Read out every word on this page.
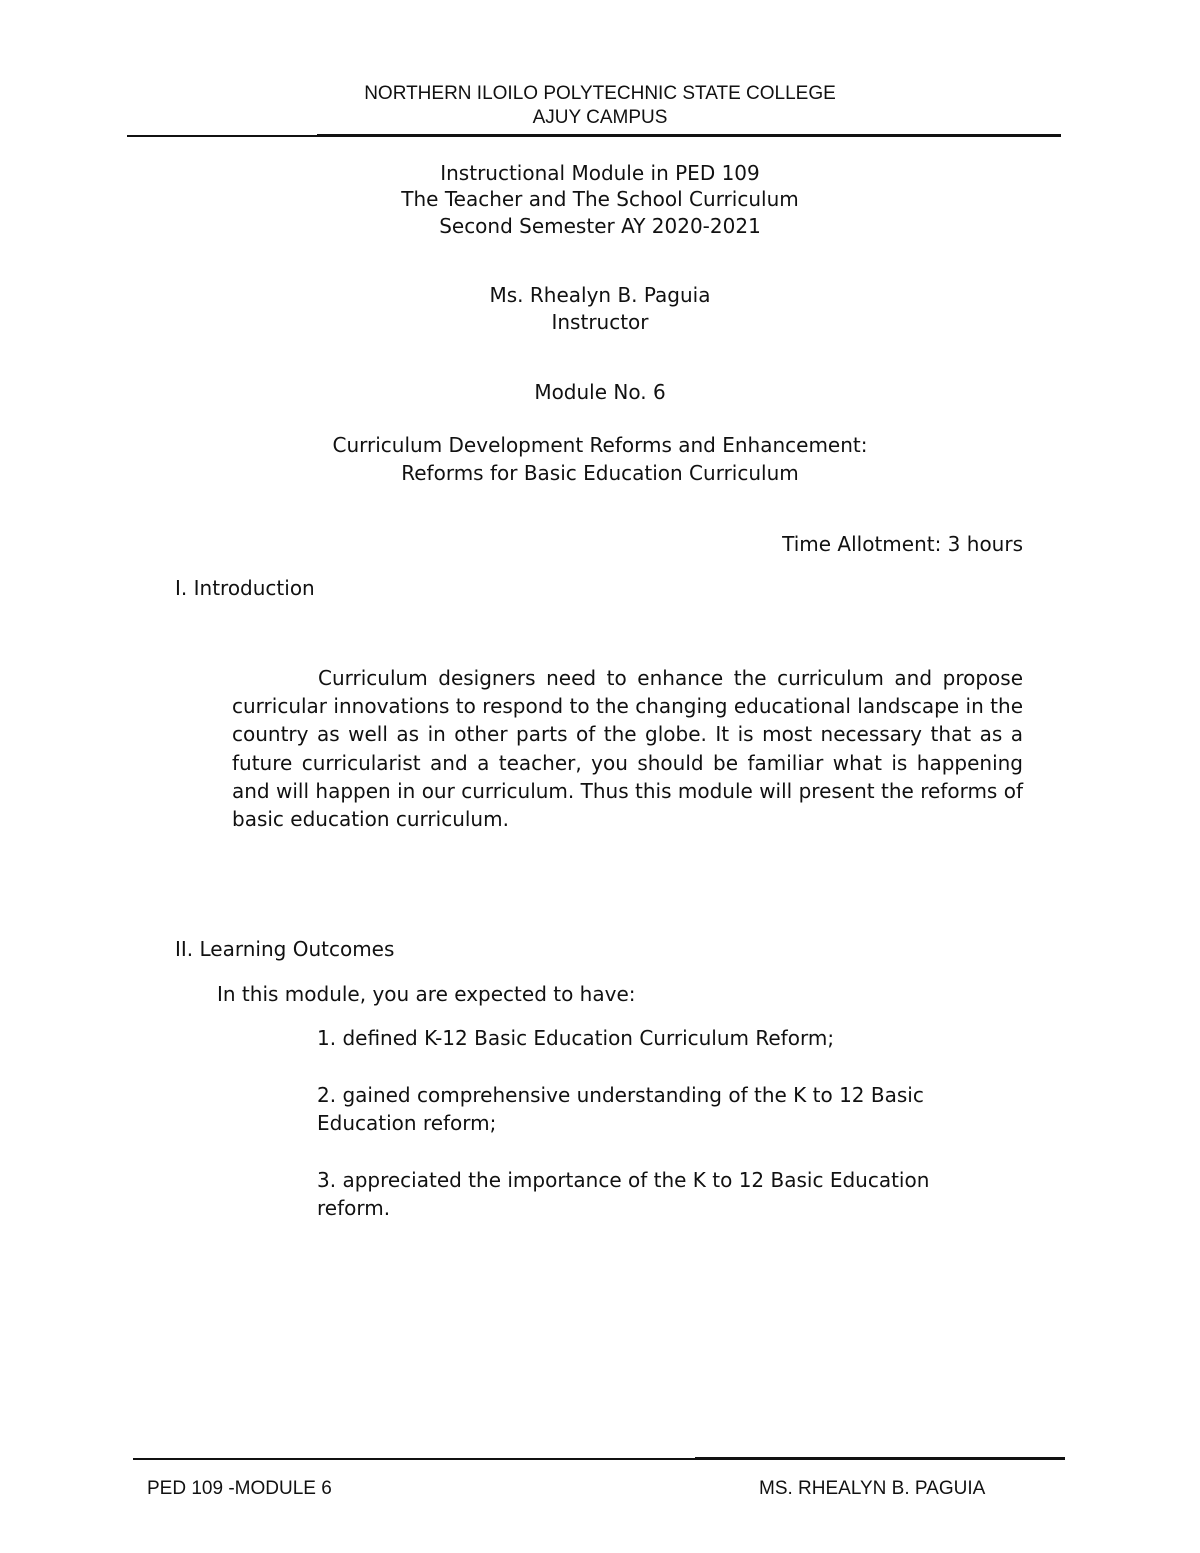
NORTHERN ILOILO POLYTECHNIC STATE COLLEGE
AJUY CAMPUS
Instructional Module in PED 109
The Teacher and The School Curriculum
Second Semester AY 2020-2021
Ms. Rhealyn B. Paguia
Instructor
Module No. 6
Curriculum Development Reforms and Enhancement:
Reforms for Basic Education Curriculum
Time Allotment: 3 hours
I. Introduction

Curriculum designers need to enhance the curriculum and propose curricular innovations to respond to the changing educational landscape in the country as well as in other parts of the globe. It is most necessary that as a future curricularist and a teacher, you should be familiar what is happening and will happen in our curriculum. Thus this module will present the reforms of basic education curriculum.

II. Learning Outcomes
In this module, you are expected to have:

1. defined K-12 Basic Education Curriculum Reform;

2. gained comprehensive understanding of the K to 12 Basic Education reform;

3. appreciated the importance of the K to 12 Basic Education reform.

PED 109 -MODULE 6	MS. RHEALYN B. PAGUIA
